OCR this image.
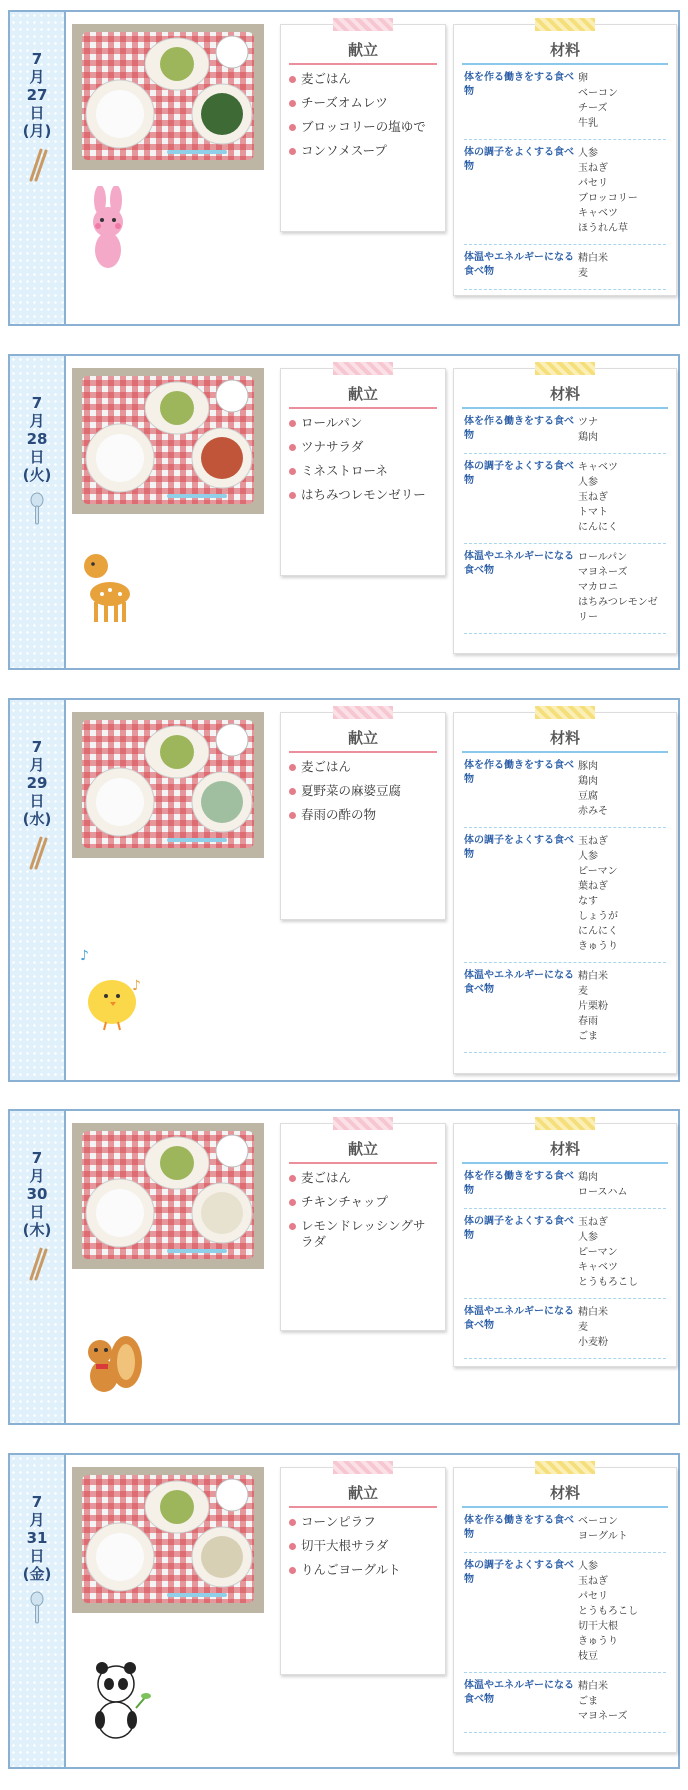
7
月
27
日
(月)
献立
麦ごはん
チーズオムレツ
ブロッコリーの塩ゆで
コンソメスープ
材料
体を作る働きをする食べ物
卵
ベーコン
チーズ
牛乳
体の調子をよくする食べ物
人参
玉ねぎ
パセリ
ブロッコリー
キャベツ
ほうれん草
体温やエネルギーになる食べ物
精白米
麦
7
月
28
日
(火)
献立
ロールパン
ツナサラダ
ミネストローネ
はちみつレモンゼリー
材料
体を作る働きをする食べ物
ツナ
鶏肉
体の調子をよくする食べ物
キャベツ
人参
玉ねぎ
トマト
にんにく
体温やエネルギーになる食べ物
ロールパン
マヨネーズ
マカロニ
はちみつレモンゼリー
7
月
29
日
(水)
献立
麦ごはん
夏野菜の麻婆豆腐
春雨の酢の物
材料
体を作る働きをする食べ物
豚肉
鶏肉
豆腐
赤みそ
体の調子をよくする食べ物
玉ねぎ
人参
ピーマン
葉ねぎ
なす
しょうが
にんにく
きゅうり
体温やエネルギーになる食べ物
精白米
麦
片栗粉
春雨
ごま
♪
♪
7
月
30
日
(木)
献立
麦ごはん
チキンチャップ
レモンドレッシングサラダ
材料
体を作る働きをする食べ物
鶏肉
ロースハム
体の調子をよくする食べ物
玉ねぎ
人参
ピーマン
キャベツ
とうもろこし
体温やエネルギーになる食べ物
精白米
麦
小麦粉
7
月
31
日
(金)
献立
コーンピラフ
切干大根サラダ
りんごヨーグルト
材料
体を作る働きをする食べ物
ベーコン
ヨーグルト
体の調子をよくする食べ物
人参
玉ねぎ
パセリ
とうもろこし
切干大根
きゅうり
枝豆
体温やエネルギーになる食べ物
精白米
ごま
マヨネーズ
